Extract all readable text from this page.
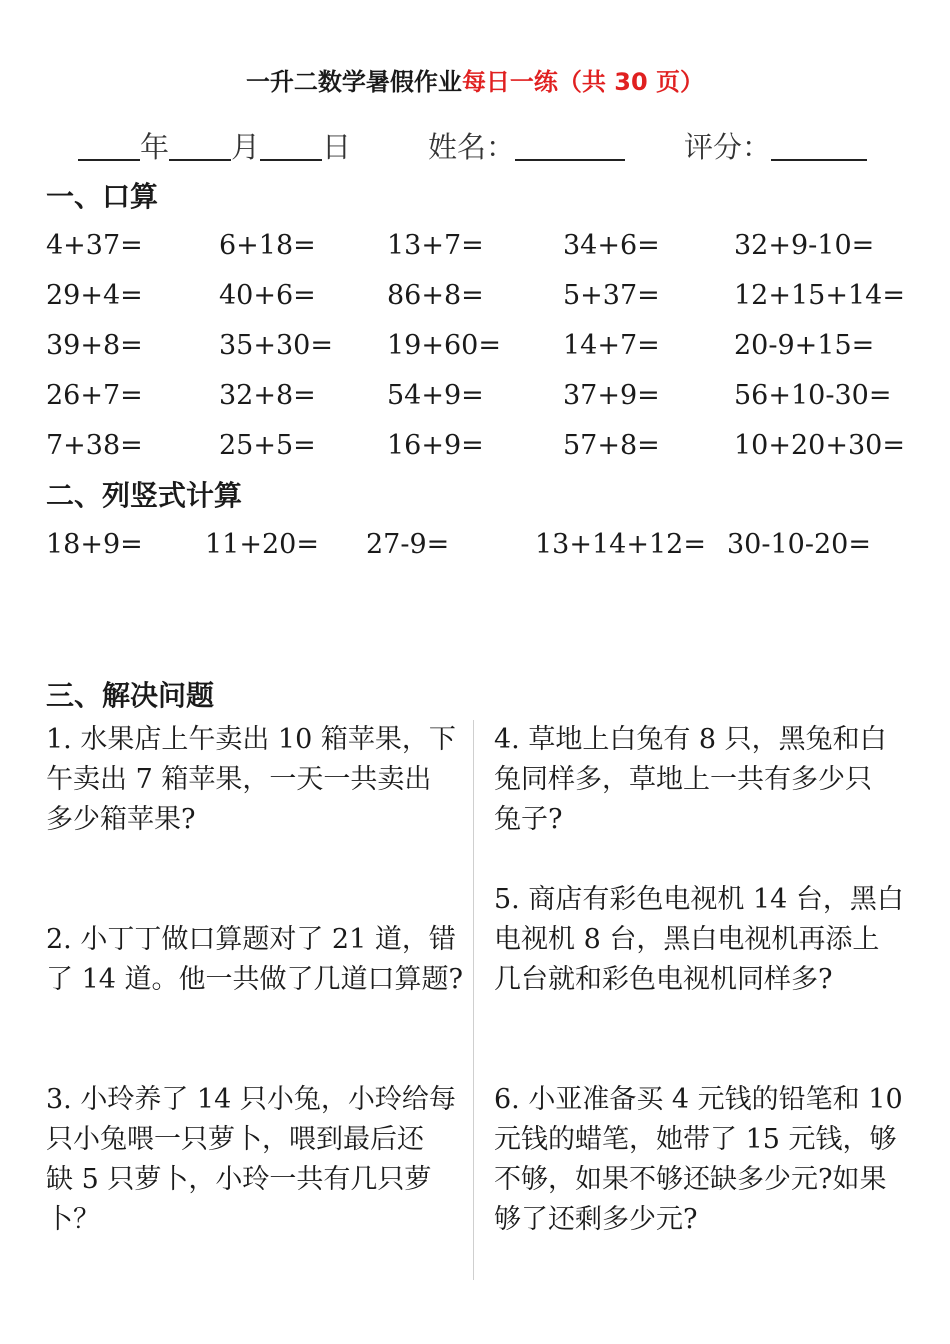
一升二数学暑假作业每日一练（共 30 页）
年 月 日	姓名：	评分：
一、口算
4+37=	6+18=	13+7=	34+6=	32+9-10=
29+4=	40+6=	86+8=	5+37=	12+15+14=
39+8=	35+30= 19+60= 14+7=	20-9+15=
26+7=	32+8=	54+9=	37+9=	56+10-30=
7+38=	25+5=	16+9=	57+8=	10+20+30=
二、列竖式计算
18+9= 11+20= 27-9=	13+14+12= 30-10-20=
三、解决问题
1. 水果店上午卖出 10 箱苹果，下
午卖出 7 箱苹果，一天一共卖出
多少箱苹果?
2. 小丁丁做口算题对了 21 道，错
了 14 道。他一共做了几道口算题?
3. 小玲养了 14 只小兔，小玲给每
只小兔喂一只萝卜，喂到最后还
缺 5 只萝卜，小玲一共有几只萝
卜？
4. 草地上白兔有 8 只，黑兔和白
兔同样多，草地上一共有多少只
兔子?
5. 商店有彩色电视机 14 台，黑白
电视机 8 台，黑白电视机再添上
几台就和彩色电视机同样多?
6. 小亚准备买 4 元钱的铅笔和 10
元钱的蜡笔，她带了 15 元钱，够
不够，如果不够还缺多少元?如果
够了还剩多少元?
